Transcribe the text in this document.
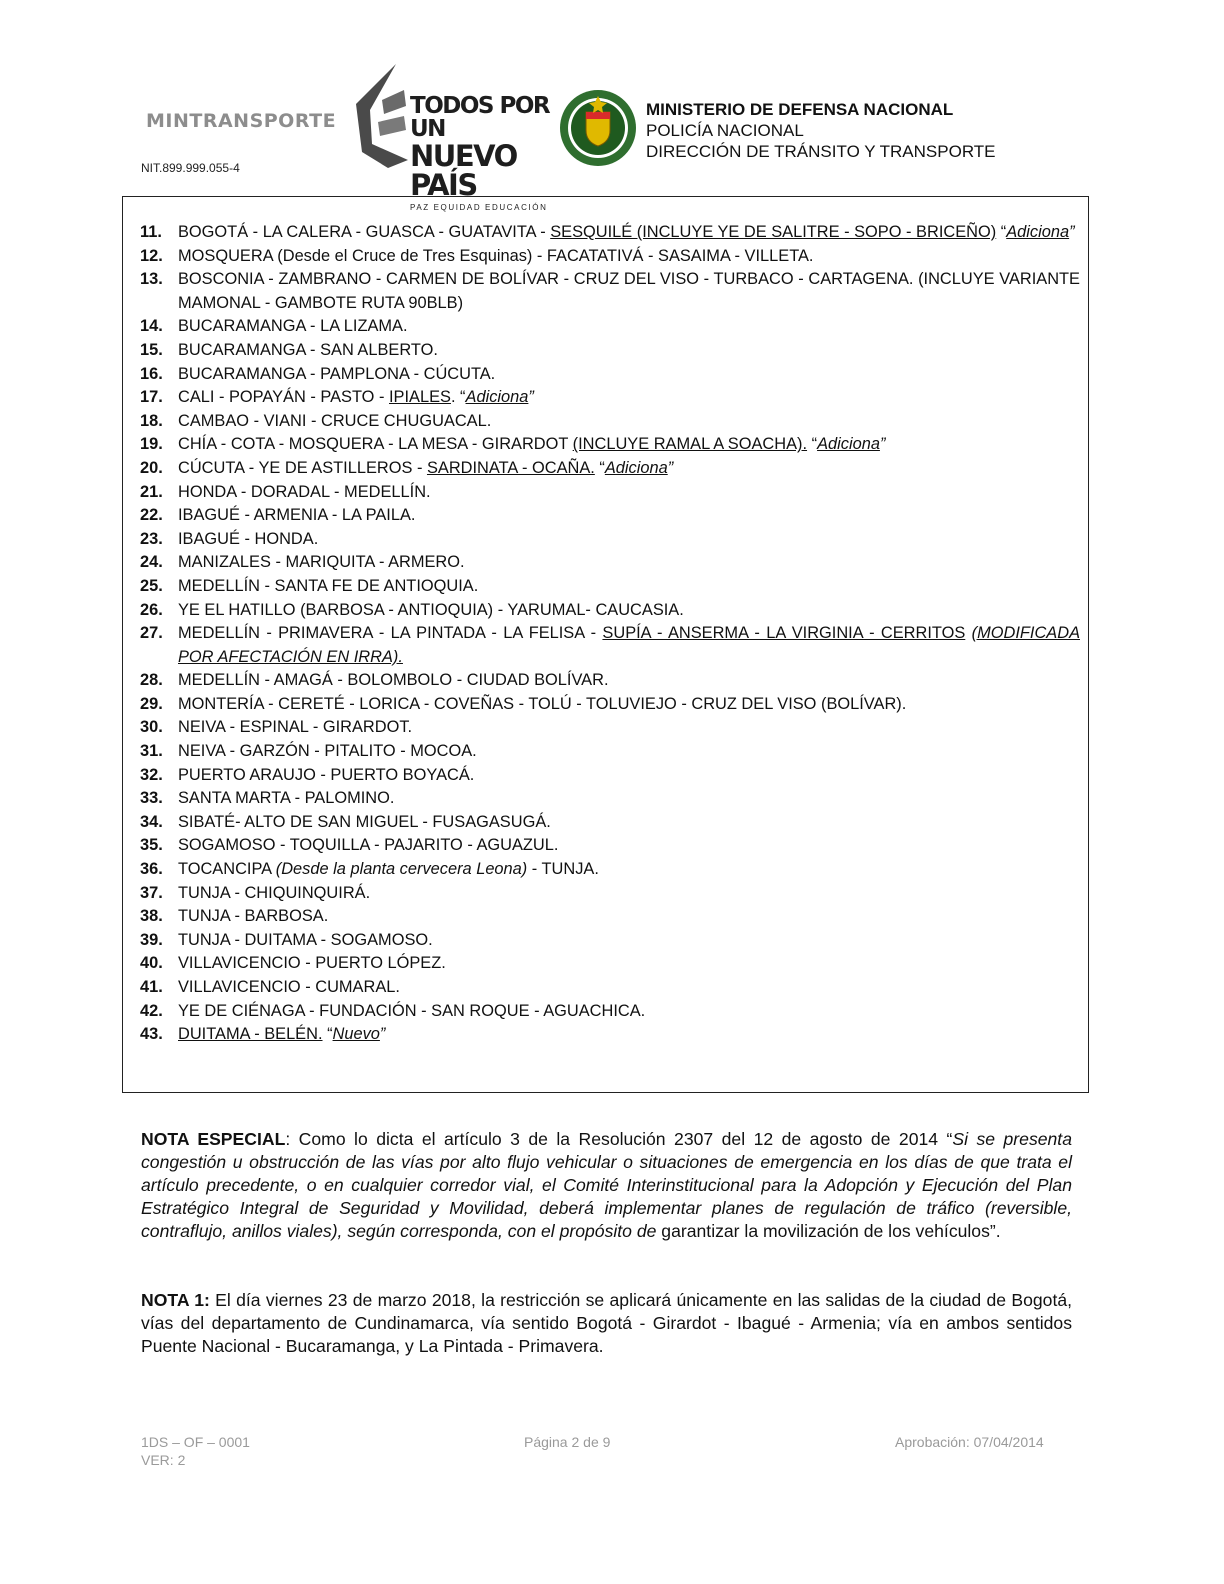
MINTRANSPORTE
NIT.899.999.055-4
TODOS POR UN
NUEVO PAÍS
PAZ EQUIDAD EDUCACIÓN
MINISTERIO DE DEFENSA NACIONAL
POLICÍA NACIONAL
DIRECCIÓN DE TRÁNSITO Y TRANSPORTE
11. BOGOTÁ - LA CALERA - GUASCA - GUATAVITA - SESQUILÉ (INCLUYE YE DE SALITRE - SOPO - BRICEÑO) “Adiciona”
12. MOSQUERA (Desde el Cruce de Tres Esquinas) - FACATATIVÁ - SASAIMA - VILLETA.
13. BOSCONIA - ZAMBRANO - CARMEN DE BOLÍVAR - CRUZ DEL VISO - TURBACO - CARTAGENA. (INCLUYE VARIANTE MAMONAL - GAMBOTE RUTA 90BLB)
14. BUCARAMANGA - LA LIZAMA.
15. BUCARAMANGA - SAN ALBERTO.
16. BUCARAMANGA - PAMPLONA - CÚCUTA.
17. CALI - POPAYÁN - PASTO - IPIALES. “Adiciona”
18. CAMBAO - VIANI - CRUCE CHUGUACAL.
19. CHÍA - COTA - MOSQUERA - LA MESA - GIRARDOT (INCLUYE RAMAL A SOACHA). “Adiciona”
20. CÚCUTA - YE DE ASTILLEROS - SARDINATA - OCAÑA. “Adiciona”
21. HONDA - DORADAL - MEDELLÍN.
22. IBAGUÉ - ARMENIA - LA PAILA.
23. IBAGUÉ - HONDA.
24. MANIZALES - MARIQUITA - ARMERO.
25. MEDELLÍN - SANTA FE DE ANTIOQUIA.
26. YE EL HATILLO (BARBOSA - ANTIOQUIA) - YARUMAL- CAUCASIA.
27. MEDELLÍN - PRIMAVERA - LA PINTADA - LA FELISA - SUPÍA - ANSERMA - LA VIRGINIA - CERRITOS (MODIFICADA POR AFECTACIÓN EN IRRA).
28. MEDELLÍN - AMAGÁ - BOLOMBOLO - CIUDAD BOLÍVAR.
29. MONTERÍA - CERETÉ - LORICA - COVEÑAS - TOLÚ - TOLUVIEJO - CRUZ DEL VISO (BOLÍVAR).
30. NEIVA - ESPINAL - GIRARDOT.
31. NEIVA - GARZÓN - PITALITO - MOCOA.
32. PUERTO ARAUJO - PUERTO BOYACÁ.
33. SANTA MARTA - PALOMINO.
34. SIBATÉ- ALTO DE SAN MIGUEL - FUSAGASUGÁ.
35. SOGAMOSO - TOQUILLA - PAJARITO - AGUAZUL.
36. TOCANCIPA (Desde la planta cervecera Leona) - TUNJA.
37. TUNJA - CHIQUINQUIRÁ.
38. TUNJA - BARBOSA.
39. TUNJA - DUITAMA - SOGAMOSO.
40. VILLAVICENCIO - PUERTO LÓPEZ.
41. VILLAVICENCIO - CUMARAL.
42. YE DE CIÉNAGA - FUNDACIÓN - SAN ROQUE - AGUACHICA.
43. DUITAMA - BELÉN. “Nuevo”

NOTA ESPECIAL: Como lo dicta el artículo 3 de la Resolución 2307 del 12 de agosto de 2014 “Si se presenta congestión u obstrucción de las vías por alto flujo vehicular o situaciones de emergencia en los días de que trata el artículo precedente, o en cualquier corredor vial, el Comité Interinstitucional para la Adopción y Ejecución del Plan Estratégico Integral de Seguridad y Movilidad, deberá implementar planes de regulación de tráfico (reversible, contraflujo, anillos viales), según corresponda, con el propósito de garantizar la movilización de los vehículos”.

NOTA 1: El día viernes 23 de marzo 2018, la restricción se aplicará únicamente en las salidas de la ciudad de Bogotá, vías del departamento de Cundinamarca, vía sentido Bogotá - Girardot - Ibagué - Armenia; vía en ambos sentidos Puente Nacional - Bucaramanga, y La Pintada - Primavera.

1DS – OF – 0001
VER: 2
Página 2 de 9	Aprobación: 07/04/2014
